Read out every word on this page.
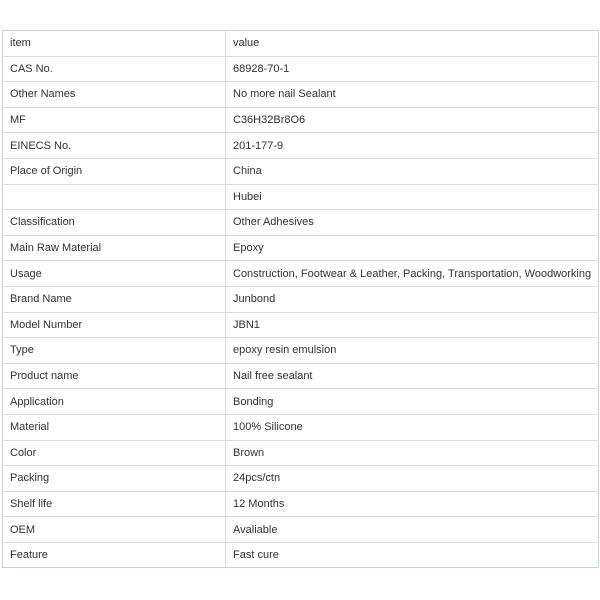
item	value
CAS No.	68928-70-1
Other Names	No more nail Sealant
MF	C36H32Br8O6
EINECS No.	201-177-9
Place of Origin	China
	Hubei
Classification	Other Adhesives
Main Raw Material	Epoxy
Usage	Construction, Footwear & Leather, Packing, Transportation, Woodworking
Brand Name	Junbond
Model Number	JBN1
Type	epoxy resin emulsion
Product name	Nail free sealant
Application	Bonding
Material	100% Silicone
Color	Brown
Packing	24pcs/ctn
Shelf life	12 Months
OEM	Avaliable
Feature	Fast cure
